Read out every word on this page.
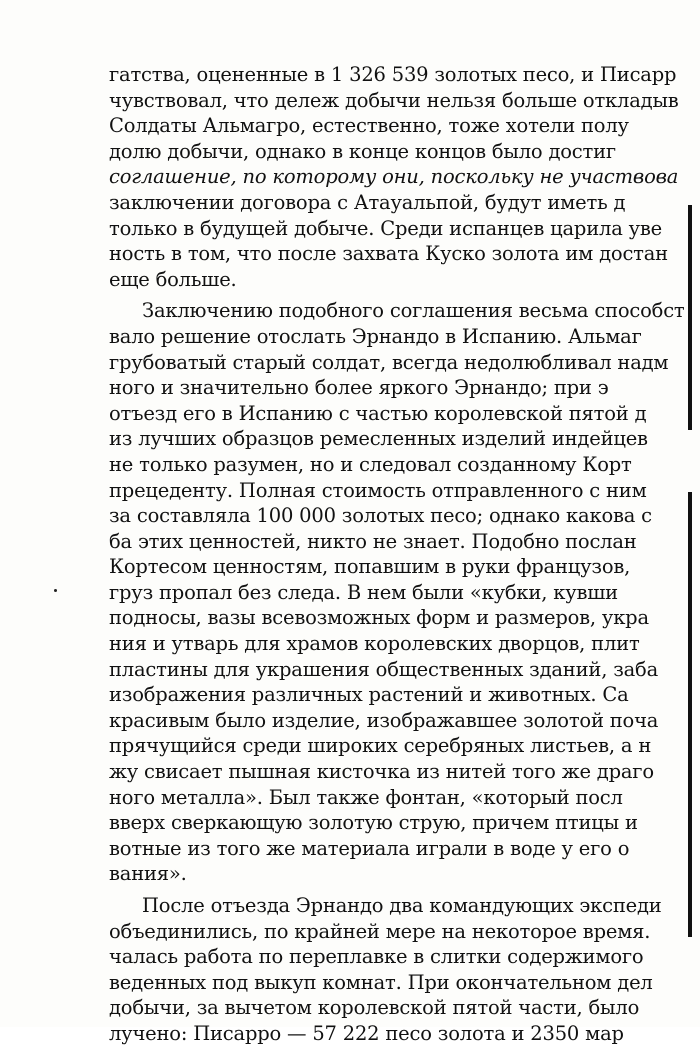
гатства, оцененные в 1 326 539 золотых песо, и Писарр
чувствовал, что дележ добычи нельзя больше откладыв
Солдаты Альмагро, естественно, тоже хотели полу
долю добычи, однако в конце концов было достиг
соглашение, по которому они, поскольку не участвова
заключении договора с Атауальпой, будут иметь д
только в будущей добыче. Среди испанцев царила уве
ность в том, что после захвата Куско золота им достан
еще больше.

Заключению подобного соглашения весьма способст
вало решение отослать Эрнандо в Испанию. Альмаг
грубоватый старый солдат, всегда недолюбливал надм
ного и значительно более яркого Эрнандо; при э
отъезд его в Испанию с частью королевской пятой д
из лучших образцов ремесленных изделий индейцев
не только разумен, но и следовал созданному Корт
прецеденту. Полная стоимость отправленного с ним
за составляла 100 000 золотых песо; однако какова с
ба этих ценностей, никто не знает. Подобно послан
Кортесом ценностям, попавшим в руки французов,
груз пропал без следа. В нем были «кубки, кувши
подносы, вазы всевозможных форм и размеров, укра
ния и утварь для храмов королевских дворцов, плит
пластины для украшения общественных зданий, заба
изображения различных растений и животных. Са
красивым было изделие, изображавшее золотой поча
прячущийся среди широких серебряных листьев, а н
жу свисает пышная кисточка из нитей того же драго
ного металла». Был также фонтан, «который посл
вверх сверкающую золотую струю, причем птицы и
вотные из того же материала играли в воде у его о
вания».

После отъезда Эрнандо два командующих экспеди
объединились, по крайней мере на некоторое время.
чалась работа по переплавке в слитки содержимого
веденных под выкуп комнат. При окончательном дел
добычи, за вычетом королевской пятой части, было
лучено: Писарро — 57 222 песо золота и 2350 мар
